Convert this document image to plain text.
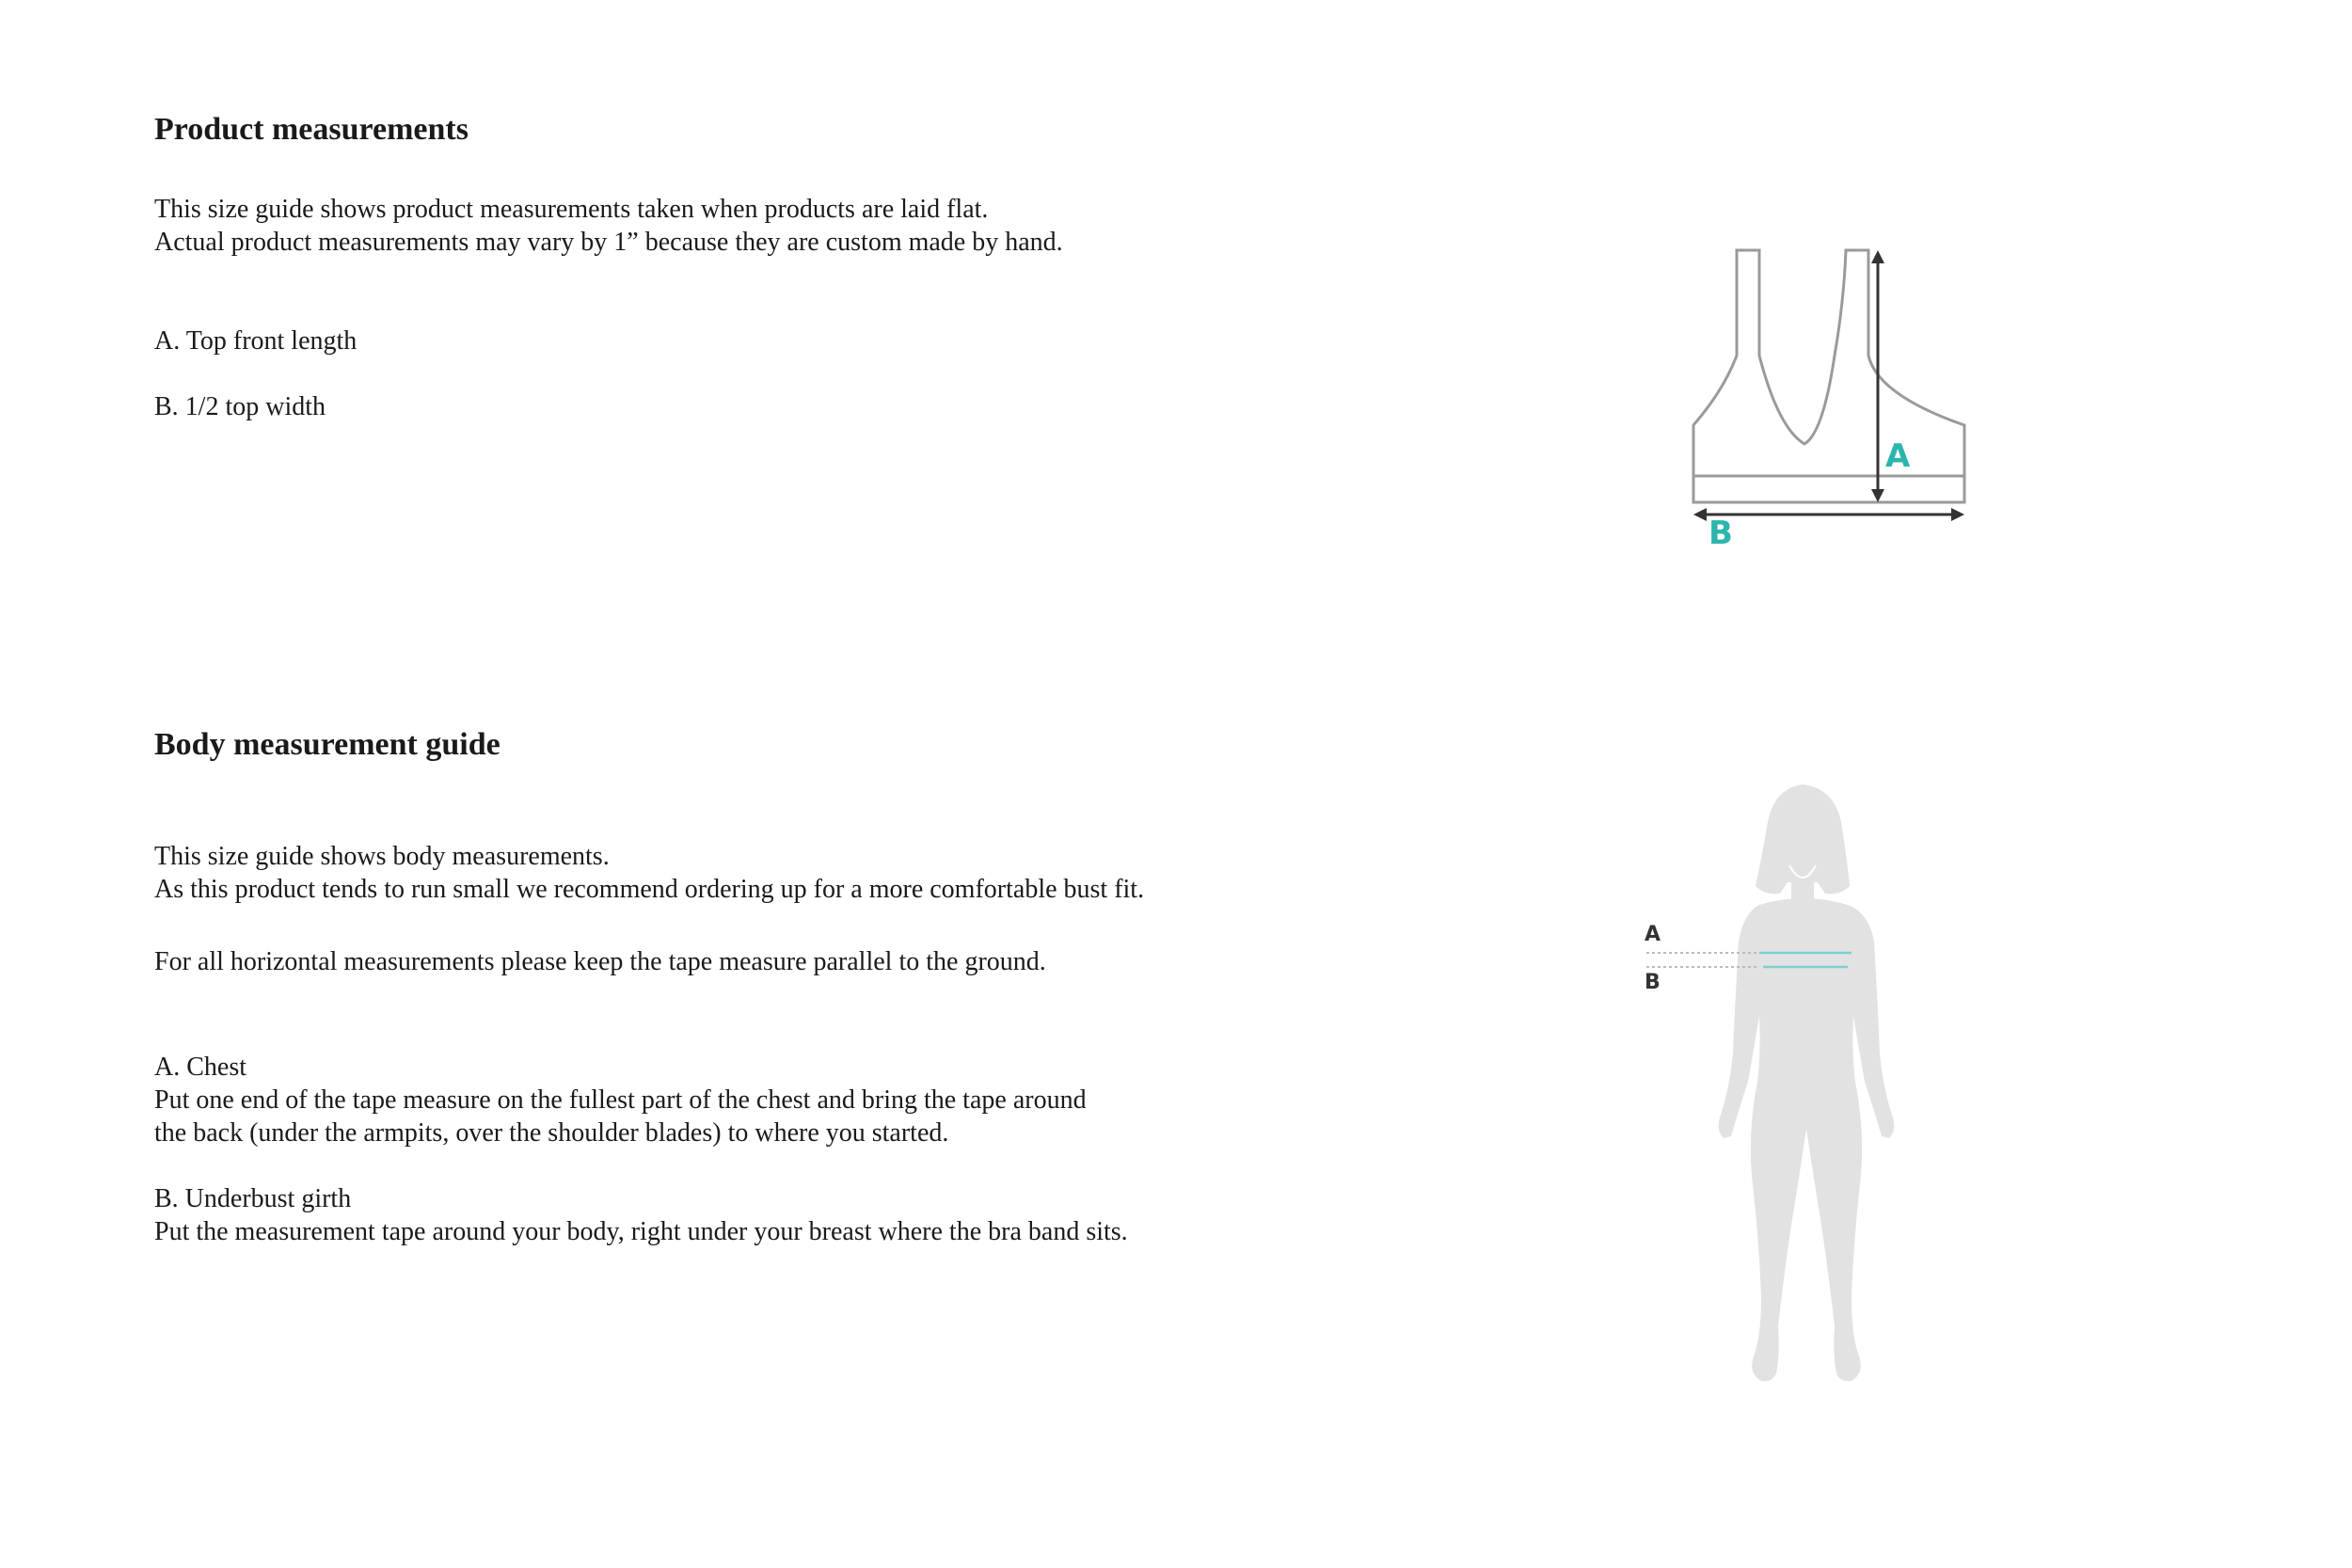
Product measurements

This size guide shows product measurements taken when products are laid flat.

Actual product measurements may vary by 1” because they are custom made by hand.

A. Top front length

B. 1/2 top width

A
B
Body measurement guide

This size guide shows body measurements.

As this product tends to run small we recommend ordering up for a more comfortable bust fit.

For all horizontal measurements please keep the tape measure parallel to the ground.

A. Chest

Put one end of the tape measure on the fullest part of the chest and bring the tape around

the back (under the armpits, over the shoulder blades) to where you started.

B. Underbust girth

Put the measurement tape around your body, right under your breast where the bra band sits.

A
B
